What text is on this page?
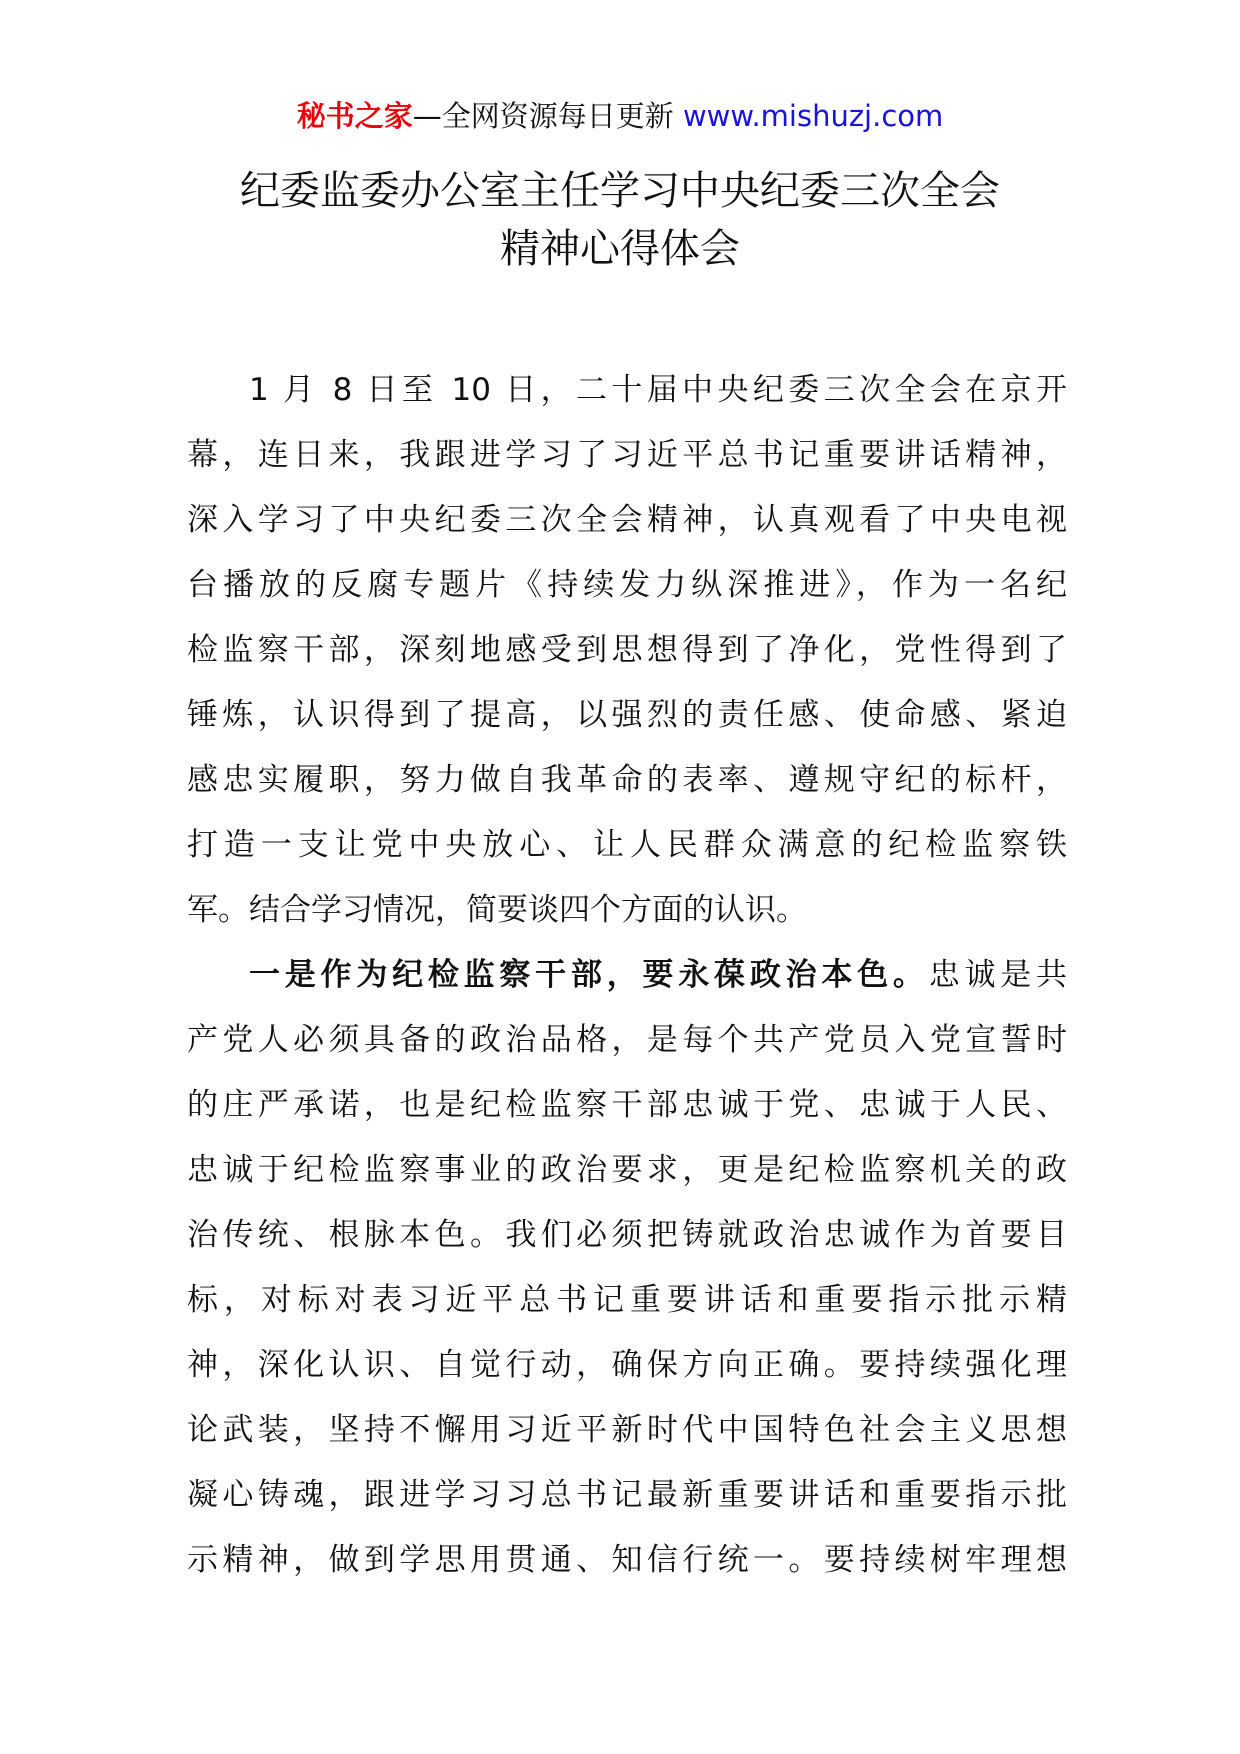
秘书之家—全网资源每日更新 www.mishuzj.com
纪委监委办公室主任学习中央纪委三次全会
精神心得体会

1 月 8 日至 10 日，二十届中央纪委三次全会在京开
幕，连日来，我跟进学习了习近平总书记重要讲话精神，
深入学习了中央纪委三次全会精神，认真观看了中央电视
台播放的反腐专题片《持续发力纵深推进》，作为一名纪
检监察干部，深刻地感受到思想得到了净化，党性得到了
锤炼，认识得到了提高，以强烈的责任感、使命感、紧迫
感忠实履职，努力做自我革命的表率、遵规守纪的标杆，
打造一支让党中央放心、让人民群众满意的纪检监察铁
军。结合学习情况，简要谈四个方面的认识。

一是作为纪检监察干部，要永葆政治本色。忠诚是共
产党人必须具备的政治品格，是每个共产党员入党宣誓时
的庄严承诺，也是纪检监察干部忠诚于党、忠诚于人民、
忠诚于纪检监察事业的政治要求，更是纪检监察机关的政
治传统、根脉本色。我们必须把铸就政治忠诚作为首要目
标，对标对表习近平总书记重要讲话和重要指示批示精
神，深化认识、自觉行动，确保方向正确。要持续强化理
论武装，坚持不懈用习近平新时代中国特色社会主义思想
凝心铸魂，跟进学习习总书记最新重要讲话和重要指示批
示精神，做到学思用贯通、知信行统一。要持续树牢理想
